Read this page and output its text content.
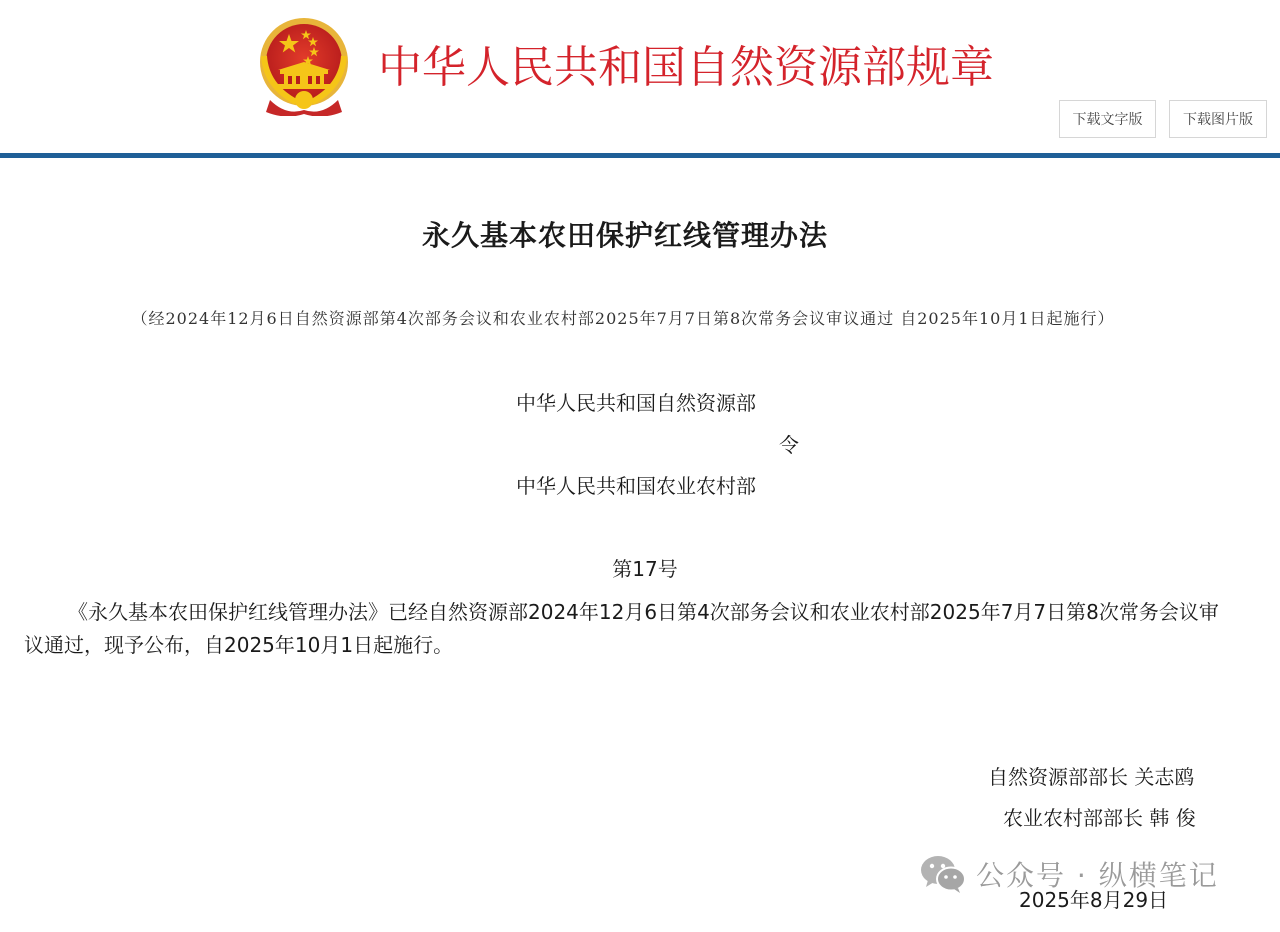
中华人民共和国自然资源部规章
下载文字版	下载图片版
永久基本农田保护红线管理办法
（经2024年12月6日自然资源部第4次部务会议和农业农村部2025年7月7日第8次常务会议审议通过 自2025年10月1日起施行）
中华人民共和国自然资源部
令
中华人民共和国农业农村部
第17号
《永久基本农田保护红线管理办法》已经自然资源部2024年12月6日第4次部务会议和农业农村部2025年7月7日第8次常务会议审议通过，现予公布，自2025年10月1日起施行。
自然资源部部长 关志鸥
农业农村部部长 韩 俊
公众号 · 纵横笔记
2025年8月29日
